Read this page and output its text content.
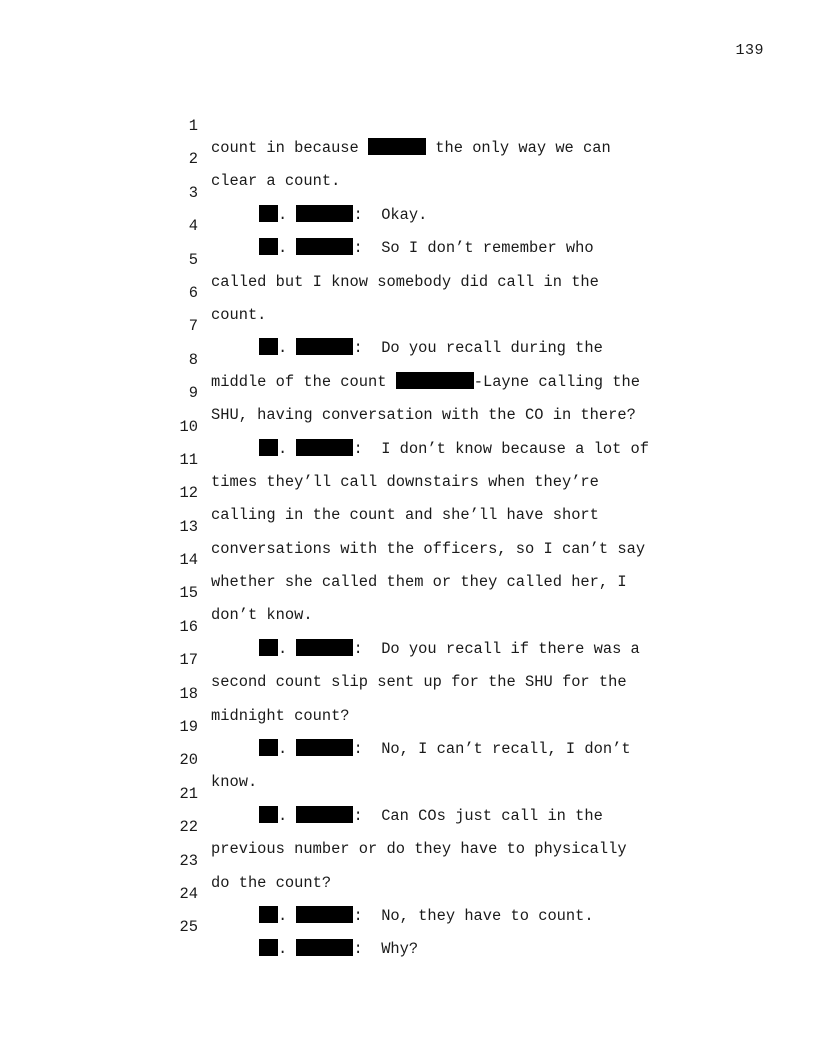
139

1

count in because	the only way we can

2

clear a count.

3

.	:  Okay.

4

.	:  So I don’t remember who

5

called but I know somebody did call in the

6

count.

7

.	:  Do you recall during the

8

middle of the count	-Layne calling the

9

SHU, having conversation with the CO in there?

10

.	:  I don’t know because a lot of

11

times they’ll call downstairs when they’re

12

calling in the count and she’ll have short

13

conversations with the officers, so I can’t say

14

whether she called them or they called her, I

15

don’t know.

16

.	:  Do you recall if there was a

17

second count slip sent up for the SHU for the

18

midnight count?

19

.	:  No, I can’t recall, I don’t

20

know.

21

.	:  Can COs just call in the

22

previous number or do they have to physically

23

do the count?

24

.	:  No, they have to count.

25

.	:  Why?
